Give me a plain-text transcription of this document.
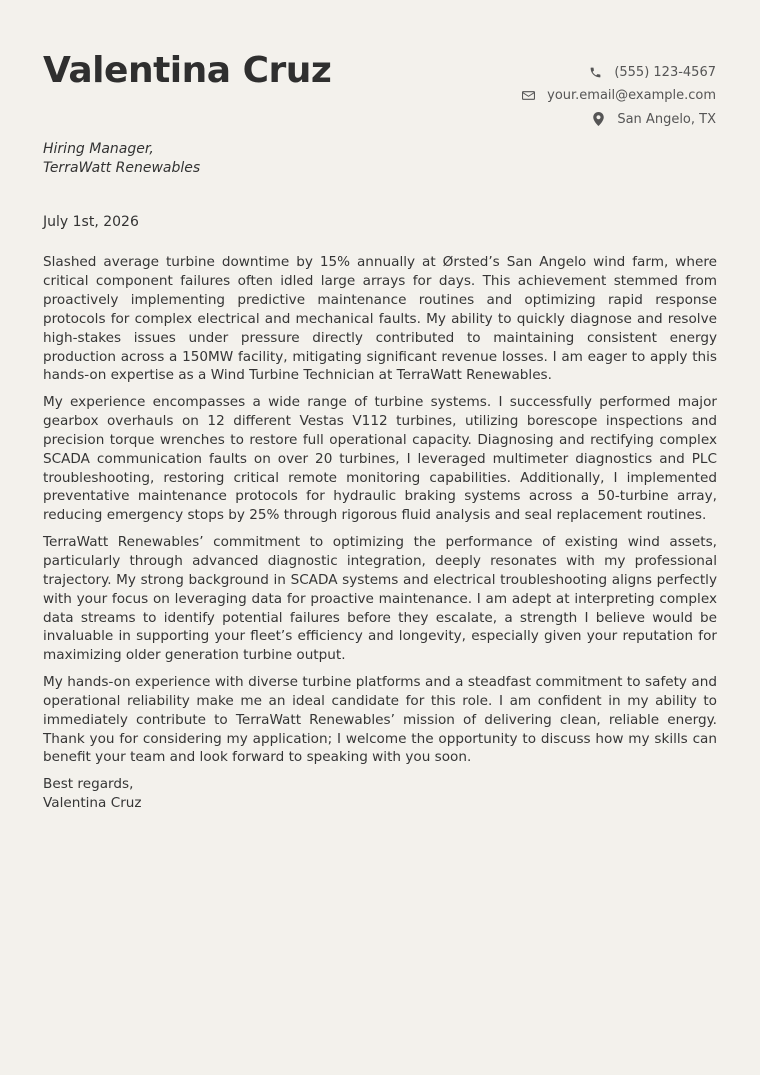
Valentina Cruz	(555) 123-4567
your.email@example.com
San Angelo, TX
Hiring Manager,
TerraWatt Renewables
July 1st, 2026

Slashed average turbine downtime by 15% annually at Ørsted’s San Angelo wind farm, where critical component failures often idled large arrays for days. This achievement stemmed from proactively implementing predictive maintenance routines and optimizing rapid response protocols for complex electrical and mechanical faults. My ability to quickly diagnose and resolve high-stakes issues under pressure directly contributed to maintaining consistent energy production across a 150MW facility, mitigating significant revenue losses. I am eager to apply this hands-on expertise as a Wind Turbine Technician at TerraWatt Renewables.

My experience encompasses a wide range of turbine systems. I successfully performed major gearbox overhauls on 12 different Vestas V112 turbines, utilizing borescope inspections and precision torque wrenches to restore full operational capacity. Diagnosing and rectifying complex SCADA communication faults on over 20 turbines, I leveraged multimeter diagnostics and PLC troubleshooting, restoring critical remote monitoring capabilities. Additionally, I implemented preventative maintenance protocols for hydraulic braking systems across a 50-turbine array, reducing emergency stops by 25% through rigorous fluid analysis and seal replacement routines.

TerraWatt Renewables’ commitment to optimizing the performance of existing wind assets, particularly through advanced diagnostic integration, deeply resonates with my professional trajectory. My strong background in SCADA systems and electrical troubleshooting aligns perfectly with your focus on leveraging data for proactive maintenance. I am adept at interpreting complex data streams to identify potential failures before they escalate, a strength I believe would be invaluable in supporting your fleet’s efficiency and longevity, especially given your reputation for maximizing older generation turbine output.

My hands-on experience with diverse turbine platforms and a steadfast commitment to safety and operational reliability make me an ideal candidate for this role. I am confident in my ability to immediately contribute to TerraWatt Renewables’ mission of delivering clean, reliable energy. Thank you for considering my application; I welcome the opportunity to discuss how my skills can benefit your team and look forward to speaking with you soon.

Best regards,
Valentina Cruz
